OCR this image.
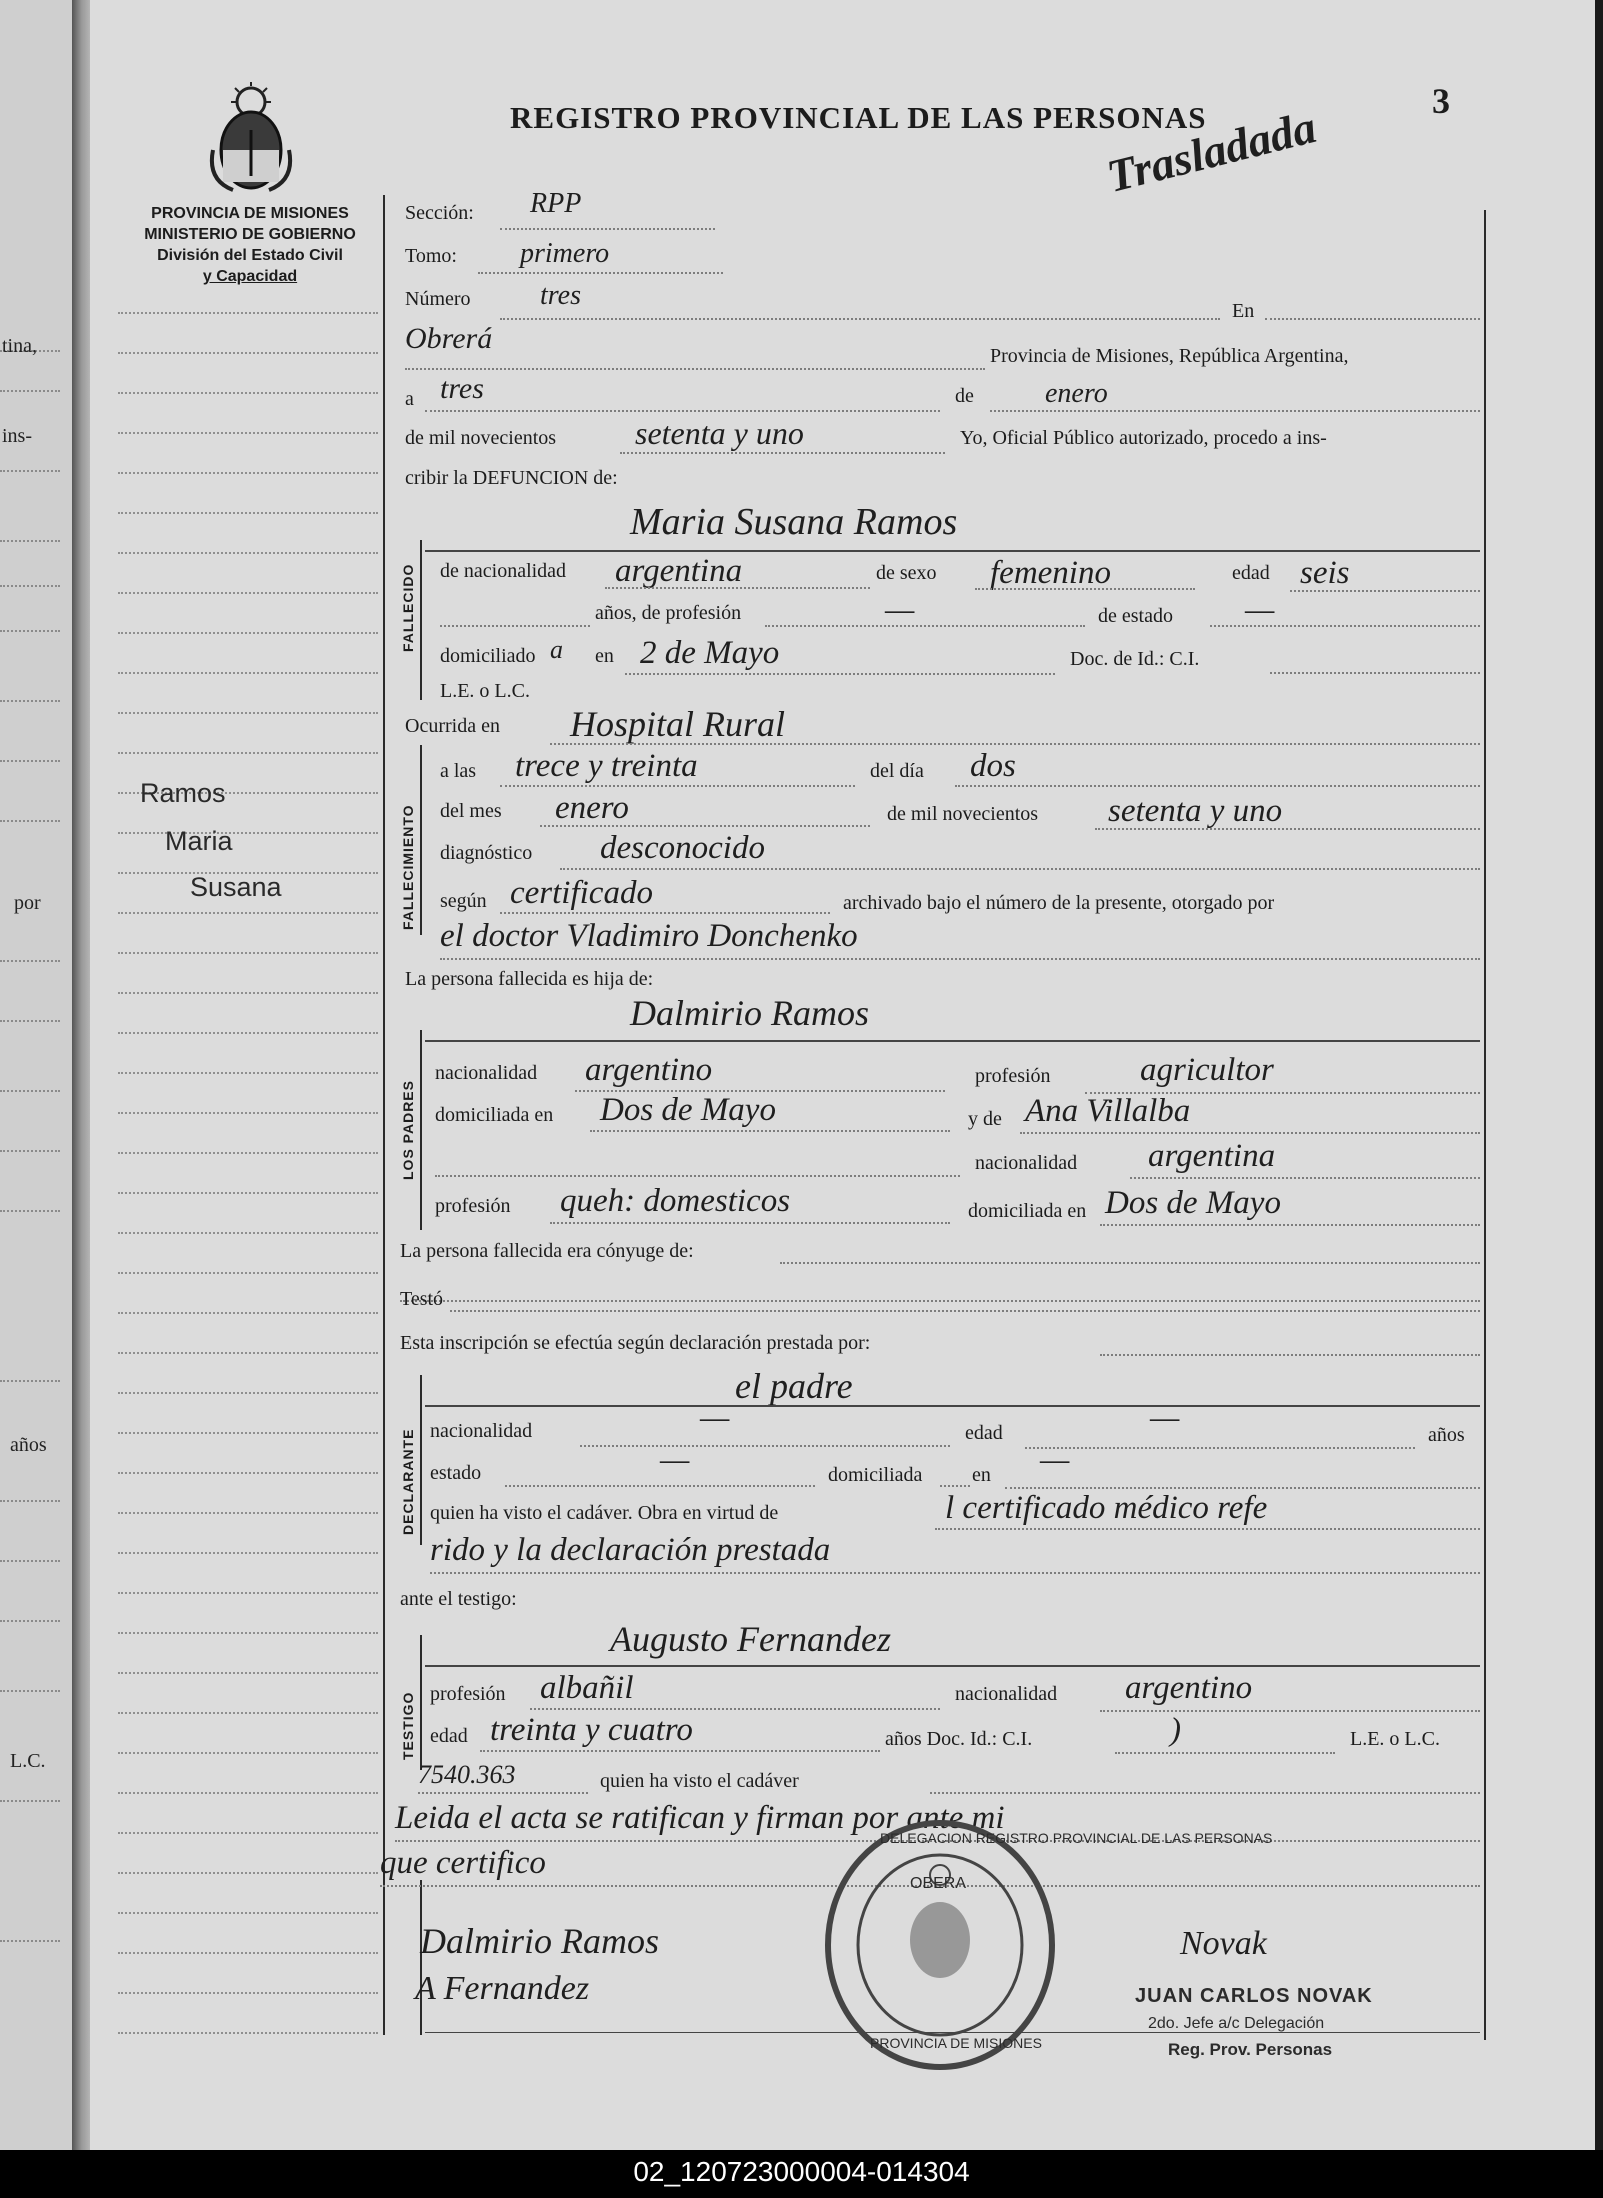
tina,
ins-
por
años
L.C.
PROVINCIA DE MISIONES
MINISTERIO DE GOBIERNO
División del Estado Civil
y Capacidad
REGISTRO PROVINCIAL DE LAS PERSONAS	3
Trasladada
Ramos
Maria
Susana
Sección: RPP
Tomo: primero
Número tres	En
Obrerá
Provincia de Misiones, República Argentina,
a tres	de	enero
de mil novecientos setenta y uno	Yo, Oficial Público autorizado, procedo a ins-
cribir la DEFUNCION de:
FALLECIDO
Maria Susana Ramos
de nacionalidad argentina	de sexo femenino	edad seis
años, de profesión	—	de estado —
domiciliado a en 2 de Mayo	Doc. de Id.: C.I.
L.E. o L.C.
Ocurrida en Hospital Rural
FALLECIMIENTO
a las trece y treinta	del día dos
del mes enero	de mil novecientos setenta y uno
diagnóstico desconocido
según certificado	archivado bajo el número de la presente, otorgado por
el doctor Vladimiro Donchenko
La persona fallecida es hija de:
LOS PADRES
Dalmirio Ramos
nacionalidad argentino	profesión	agricultor
domiciliada en Dos de Mayo	y de Ana Villalba
nacionalidad argentina
profesión queh: domesticos	domiciliada en Dos de Mayo
La persona fallecida era cónyuge de:
Testó
Esta inscripción se efectúa según declaración prestada por:
DECLARANTE
el padre
nacionalidad	—	edad	—	años
estado	—	domiciliada en —
quien ha visto el cadáver. Obra en virtud de	l certificado médico refe
rido y la declaración prestada
ante el testigo:
TESTIGO
Augusto Fernandez
profesión albañil	nacionalidad argentino
edad treinta y cuatro	años Doc. Id.: C.I.	)	L.E. o L.C.
7540.363	quien ha visto el cadáver
Leida el acta se ratifican y firman por ante mi
que certifico
DELEGACION REGISTRO PROVINCIAL DE LAS PERSONAS
OBERA
PROVINCIA DE MISIONES
Dalmirio Ramos
A Fernandez
Novak
JUAN CARLOS NOVAK
2do. Jefe a/c Delegación
Reg. Prov. Personas
02_120723000004-014304
